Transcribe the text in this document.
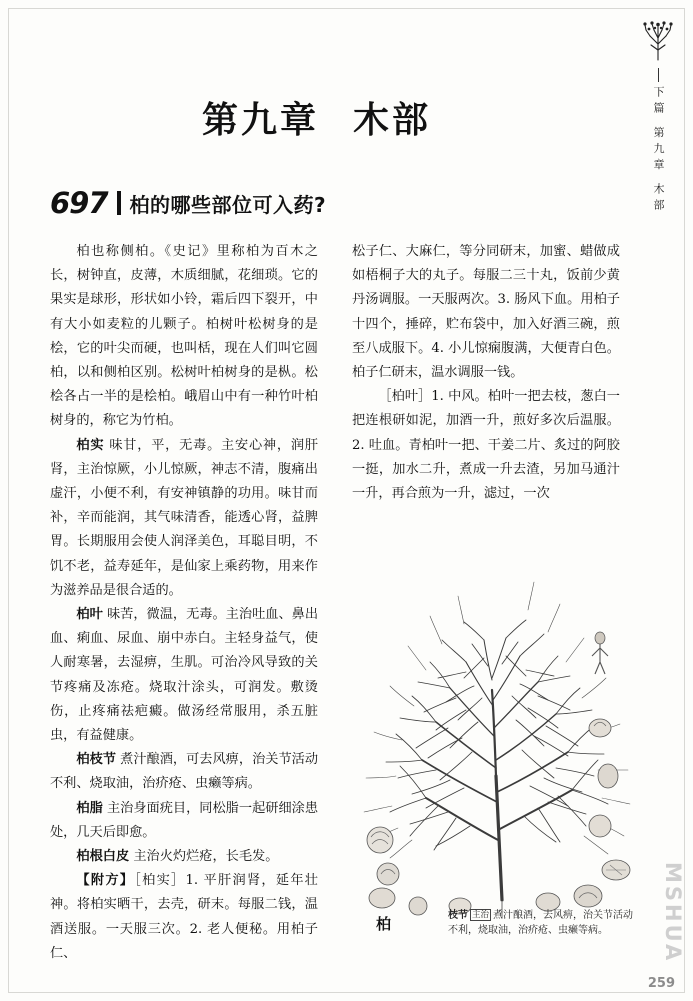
下篇 第九章 木部
第九章 木部
697 柏的哪些部位可入药?

柏也称侧柏。《史记》里称柏为百木之长，树钟直，皮薄，木质细腻，花细琐。它的果实是球形，形状如小铃，霜后四下裂开，中有大小如麦粒的儿颗子。柏树叶松树身的是桧，它的叶尖而硬，也叫栝，现在人们叫它圆柏，以和侧柏区别。松树叶柏树身的是枞。松桧各占一半的是桧柏。峨眉山中有一种竹叶柏树身的，称它为竹柏。

柏实 味甘，平，无毒。主安心神，润肝肾，主治惊厥，小儿惊厥，神志不清，腹痛出虚汗，小便不利，有安神镇静的功用。味甘而补，辛而能润，其气味清香，能透心肾，益脾胃。长期服用会使人润泽美色，耳聪目明，不饥不老，益寿延年，是仙家上乘药物，用来作为滋养品是很合适的。

柏叶 味苦，微温，无毒。主治吐血、鼻出血、痢血、尿血、崩中赤白。主轻身益气，使人耐寒暑，去湿痹，生肌。可治冷风导致的关节疼痛及冻疮。烧取汁涂头，可润发。敷烫伤，止疼痛祛疤癜。做汤经常服用，杀五脏虫，有益健康。

柏枝节 煮汁酿酒，可去风痹，治关节活动不利、烧取油，治疥疮、虫癞等病。

柏脂 主治身面疣目，同松脂一起研细涂患处，几天后即愈。

柏根白皮 主治火灼烂疮，长毛发。

【附方】［柏实］1. 平肝润肾，延年壮神。将柏实晒干，去壳，研末。每服二钱，温酒送服。一天服三次。2. 老人便秘。用柏子仁、

松子仁、大麻仁，等分同研末，加蜜、蜡做成如梧桐子大的丸子。每服二三十丸，饭前少黄丹汤调服。一天服两次。3. 肠风下血。用柏子十四个，捶碎，贮布袋中，加入好酒三碗，煎至八成服下。4. 小儿惊痫腹满，大便青白色。柏子仁研末，温水调服一钱。

［柏叶］1. 中风。柏叶一把去枝，葱白一把连根研如泥，加酒一升，煎好多次后温服。2. 吐血。青柏叶一把、干姜二片、炙过的阿胶一挺，加水二升，煮成一升去渣，另加马通汁一升，再合煎为一升，滤过，一次

柏	枝节 主治 煮汁酿酒，去风痹，治关节活动不利，烧取油，治疥疮、虫癞等病。	MSHUA
259
